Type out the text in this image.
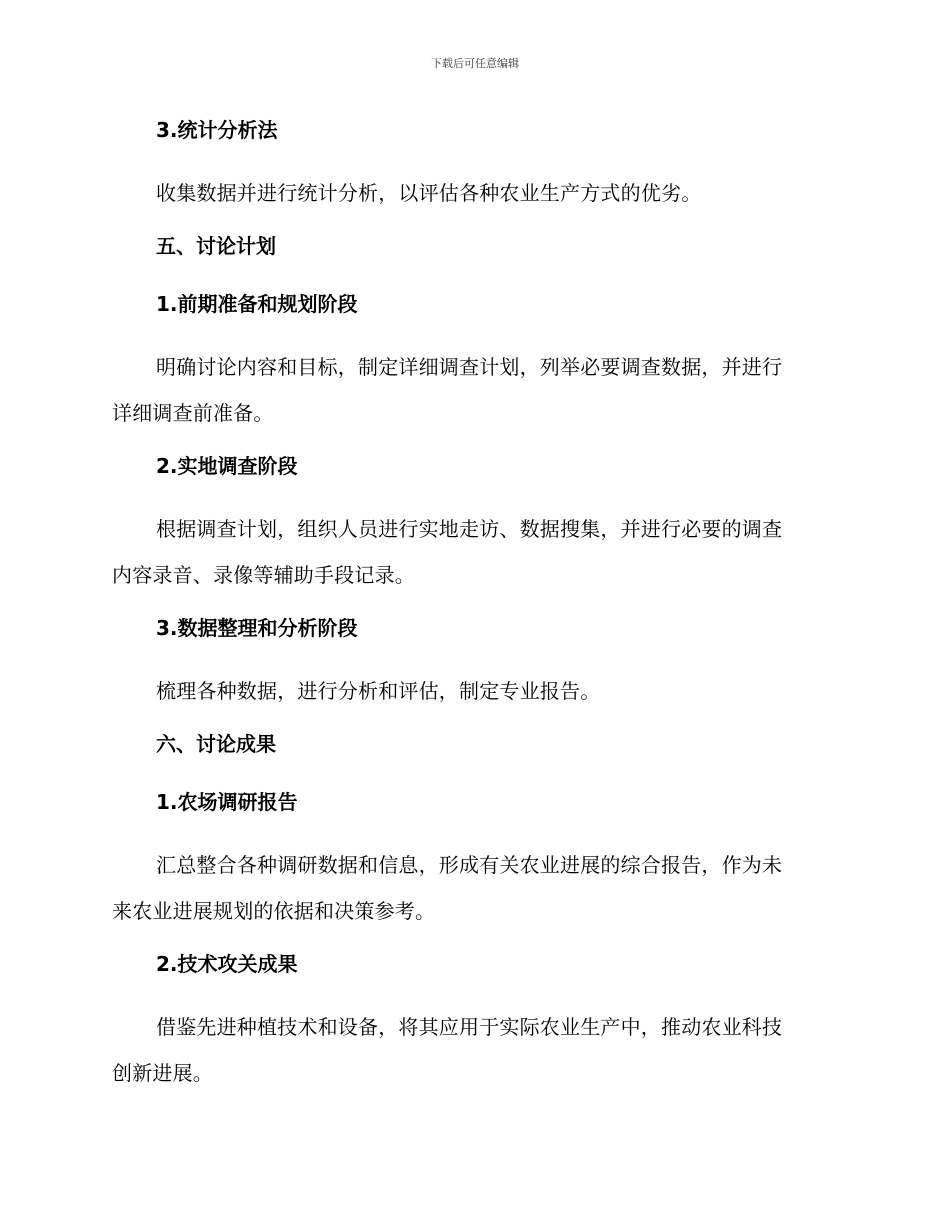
下载后可任意编辑
3.统计分析法

收集数据并进行统计分析，以评估各种农业生产方式的优劣。

五、讨论计划
1.前期准备和规划阶段

明确讨论内容和目标，制定详细调查计划，列举必要调查数据，并进行

详细调查前准备。

2.实地调查阶段

根据调查计划，组织人员进行实地走访、数据搜集，并进行必要的调查

内容录音、录像等辅助手段记录。

3.数据整理和分析阶段

梳理各种数据，进行分析和评估，制定专业报告。

六、讨论成果
1.农场调研报告

汇总整合各种调研数据和信息，形成有关农业进展的综合报告，作为未

来农业进展规划的依据和决策参考。

2.技术攻关成果

借鉴先进种植技术和设备，将其应用于实际农业生产中，推动农业科技

创新进展。
